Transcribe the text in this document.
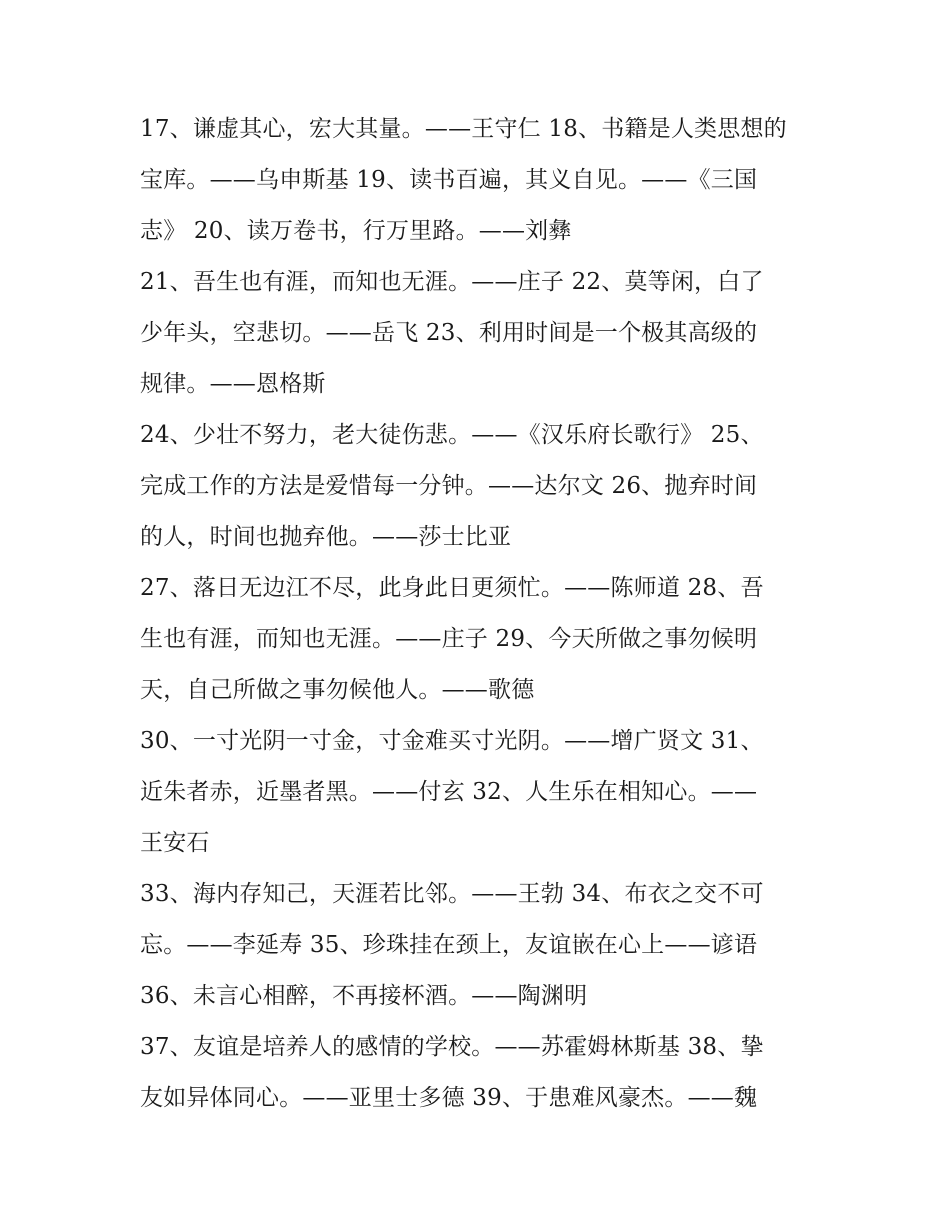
17、谦虚其心，宏大其量。——王守仁 18、书籍是人类思想的
宝库。——乌申斯基 19、读书百遍，其义自见。——《三国
志》 20、读万卷书，行万里路。——刘彝
21、吾生也有涯，而知也无涯。——庄子 22、莫等闲，白了
少年头，空悲切。——岳飞 23、利用时间是一个极其高级的
规律。——恩格斯
24、少壮不努力，老大徒伤悲。——《汉乐府长歌行》 25、
完成工作的方法是爱惜每一分钟。——达尔文 26、抛弃时间
的人，时间也抛弃他。——莎士比亚
27、落日无边江不尽，此身此日更须忙。——陈师道 28、吾
生也有涯，而知也无涯。——庄子 29、今天所做之事勿候明
天，自己所做之事勿候他人。——歌德
30、一寸光阴一寸金，寸金难买寸光阴。——增广贤文 31、
近朱者赤，近墨者黑。——付玄 32、人生乐在相知心。——
王安石
33、海内存知己，天涯若比邻。——王勃 34、布衣之交不可
忘。——李延寿 35、珍珠挂在颈上，友谊嵌在心上——谚语
36、未言心相醉，不再接杯酒。——陶渊明
37、友谊是培养人的感情的学校。——苏霍姆林斯基 38、挚
友如异体同心。——亚里士多德 39、于患难风豪杰。——魏
